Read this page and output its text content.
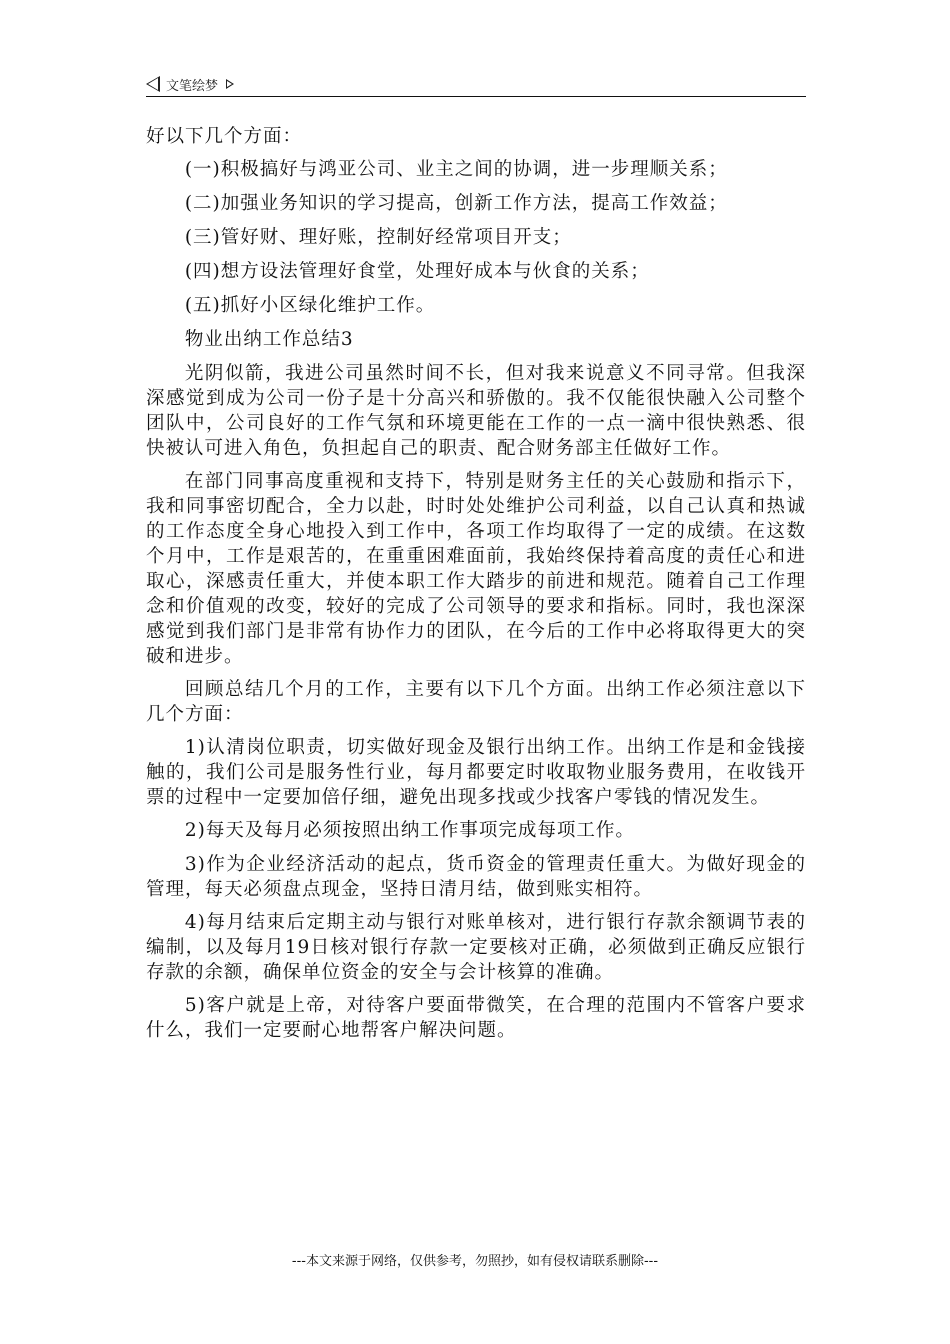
文笔绘梦

好以下几个方面：

(一)积极搞好与鸿亚公司、业主之间的协调，进一步理顺关系；

(二)加强业务知识的学习提高，创新工作方法，提高工作效益；

(三)管好财、理好账，控制好经常项目开支；

(四)想方设法管理好食堂，处理好成本与伙食的关系；

(五)抓好小区绿化维护工作。

物业出纳工作总结3

光阴似箭，我进公司虽然时间不长，但对我来说意义不同寻常。但我深深感觉到成为公司一份子是十分高兴和骄傲的。我不仅能很快融入公司整个团队中，公司良好的工作气氛和环境更能在工作的一点一滴中很快熟悉、很快被认可进入角色，负担起自己的职责、配合财务部主任做好工作。

在部门同事高度重视和支持下，特别是财务主任的关心鼓励和指示下，我和同事密切配合，全力以赴，时时处处维护公司利益，以自己认真和热诚的工作态度全身心地投入到工作中，各项工作均取得了一定的成绩。在这数个月中，工作是艰苦的，在重重困难面前，我始终保持着高度的责任心和进取心，深感责任重大，并使本职工作大踏步的前进和规范。随着自己工作理念和价值观的改变，较好的完成了公司领导的要求和指标。同时，我也深深感觉到我们部门是非常有协作力的团队，在今后的工作中必将取得更大的突破和进步。

回顾总结几个月的工作，主要有以下几个方面。出纳工作必须注意以下几个方面：

1)认清岗位职责，切实做好现金及银行出纳工作。出纳工作是和金钱接触的，我们公司是服务性行业，每月都要定时收取物业服务费用，在收钱开票的过程中一定要加倍仔细，避免出现多找或少找客户零钱的情况发生。

2)每天及每月必须按照出纳工作事项完成每项工作。

3)作为企业经济活动的起点，货币资金的管理责任重大。为做好现金的管理，每天必须盘点现金，坚持日清月结，做到账实相符。

4)每月结束后定期主动与银行对账单核对，进行银行存款余额调节表的编制，以及每月19日核对银行存款一定要核对正确，必须做到正确反应银行存款的余额，确保单位资金的安全与会计核算的准确。

5)客户就是上帝，对待客户要面带微笑，在合理的范围内不管客户要求什么，我们一定要耐心地帮客户解决问题。

---本文来源于网络，仅供参考，勿照抄，如有侵权请联系删除---
